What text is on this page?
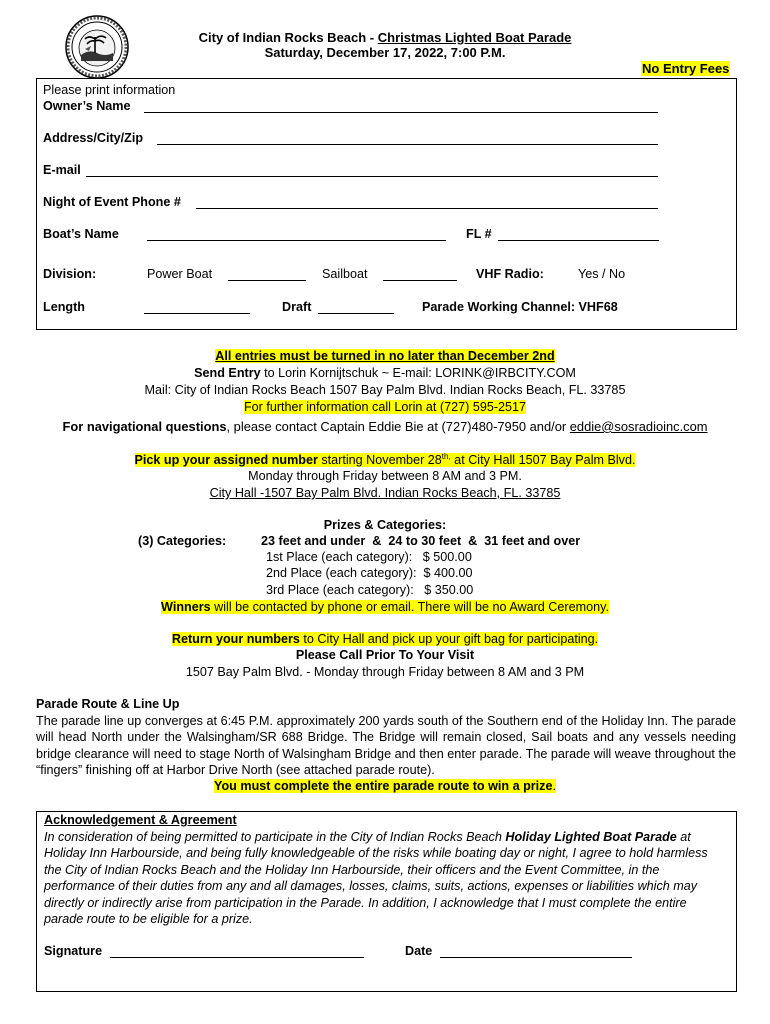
City of Indian Rocks Beach - Christmas Lighted Boat Parade
Saturday, December 17, 2022, 7:00 P.M.
No Entry Fees
Please print information
Owner’s Name
Address/City/Zip
E-mail
Night of Event Phone #
Boat’s Name	FL #
Division:	Power Boat	Sailboat	VHF Radio:	Yes / No
Length	Draft	Parade Working Channel: VHF68
All entries must be turned in no later than December 2nd
Send Entry to Lorin Kornijtschuk ~ E-mail: LORINK@IRBCITY.COM
Mail: City of Indian Rocks Beach 1507 Bay Palm Blvd. Indian Rocks Beach, FL. 33785
For further information call Lorin at (727) 595-2517
For navigational questions, please contact Captain Eddie Bie at (727)480-7950 and/or eddie@sosradioinc.com
Pick up your assigned number starting November $28^{th,}$ at City Hall 1507 Bay Palm Blvd.
Monday through Friday between 8 AM and 3 PM.
City Hall -1507 Bay Palm Blvd. Indian Rocks Beach, FL. 33785
Prizes & Categories:
(3) Categories:	23 feet and under  &  24 to 30 feet  &  31 feet and over
1st Place (each category):   $ 500.00
2nd Place (each category):  $ 400.00
3rd Place (each category):   $ 350.00
Winners will be contacted by phone or email. There will be no Award Ceremony.
Return your numbers to City Hall and pick up your gift bag for participating.
Please Call Prior To Your Visit
1507 Bay Palm Blvd. - Monday through Friday between 8 AM and 3 PM
Parade Route & Line Up
The parade line up converges at 6:45 P.M. approximately 200 yards south of the Southern end of the Holiday Inn. The parade will head North under the Walsingham/SR 688 Bridge. The Bridge will remain closed, Sail boats and any vessels needing bridge clearance will need to stage North of Walsingham Bridge and then enter parade. The parade will weave throughout the “fingers” finishing off at Harbor Drive North (see attached parade route).
You must complete the entire parade route to win a prize.
Acknowledgement & Agreement
In consideration of being permitted to participate in the City of Indian Rocks Beach Holiday Lighted Boat Parade at Holiday Inn Harbourside, and being fully knowledgeable of the risks while boating day or night, I agree to hold harmless the City of Indian Rocks Beach and the Holiday Inn Harbourside, their officers and the Event Committee, in the performance of their duties from any and all damages, losses, claims, suits, actions, expenses or liabilities which may directly or indirectly arise from participation in the Parade. In addition, I acknowledge that I must complete the entire parade route to be eligible for a prize.
Signature	Date
